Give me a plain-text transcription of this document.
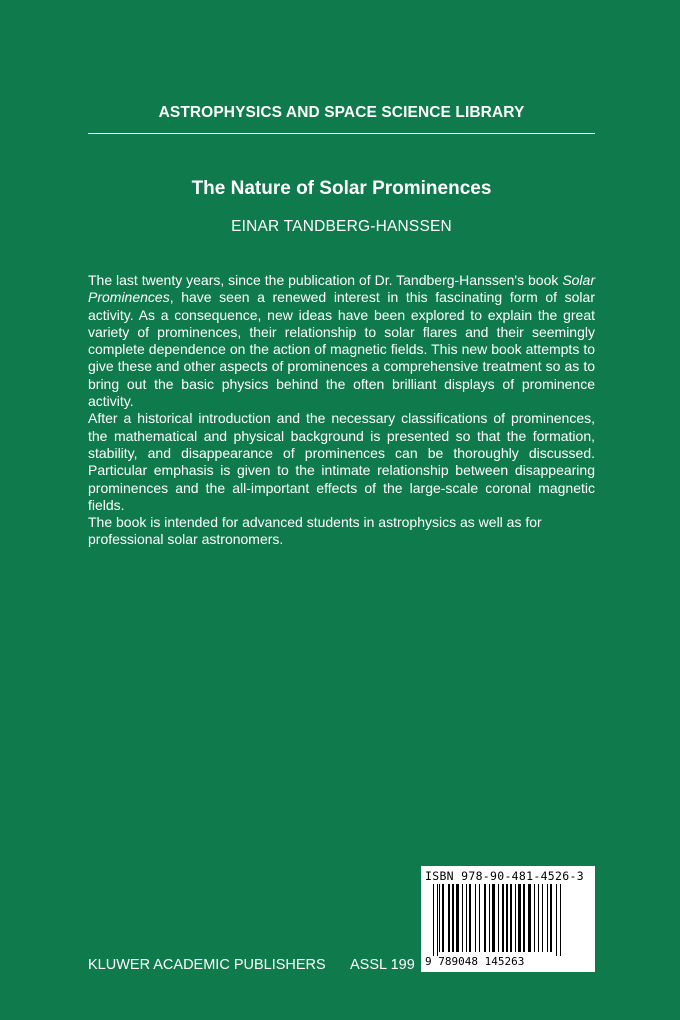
ASTROPHYSICS AND SPACE SCIENCE LIBRARY
The Nature of Solar Prominences
EINAR TANDBERG-HANSSEN

The last twenty years, since the publication of Dr. Tandberg-Hanssen's book Solar Prominences, have seen a renewed interest in this fascinating form of solar activity. As a consequence, new ideas have been explored to explain the great variety of prominences, their relationship to solar flares and their seemingly complete dependence on the action of magnetic fields. This new book attempts to give these and other aspects of prominences a comprehensive treatment so as to bring out the basic physics behind the often brilliant displays of prominence activity.

After a historical introduction and the necessary classifications of prominences, the mathematical and physical background is presented so that the formation, stability, and disappearance of prominences can be thoroughly discussed. Particular emphasis is given to the intimate relationship between disappearing prominences and the all-important effects of the large-scale coronal magnetic fields.

The book is intended for advanced students in astrophysics as well as for professional solar astronomers.

KLUWER ACADEMIC PUBLISHERS ASSL 199
ISBN 978-90-481-4526-3
9 789048 145263
